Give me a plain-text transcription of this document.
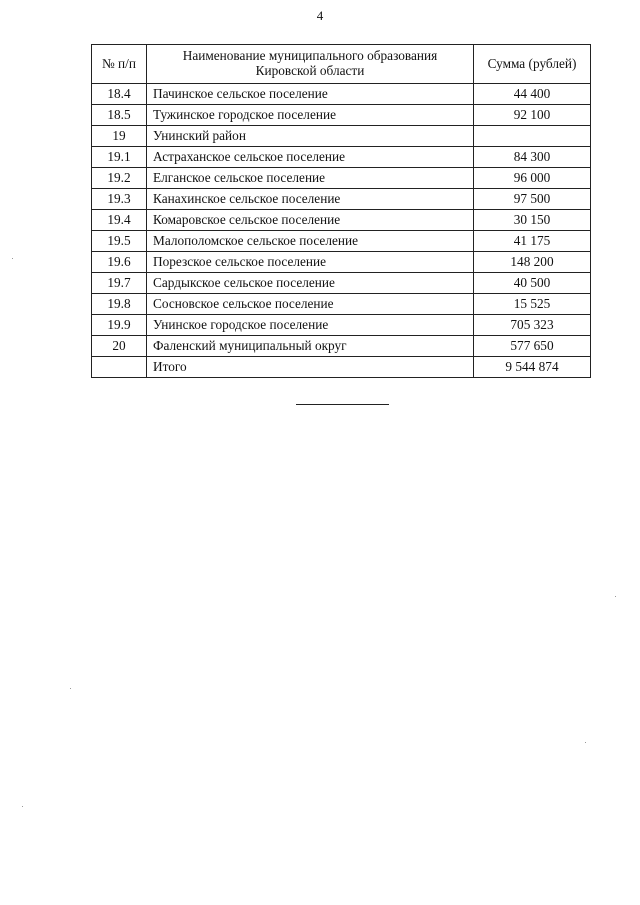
4
№ п/п	Наименование муниципального образования Кировской области	Сумма (рублей)
18.4	Пачинское сельское поселение	44 400
18.5	Тужинское городское поселение	92 100
19	Унинский район	
19.1	Астраханское сельское поселение	84 300
19.2	Елганское сельское поселение	96 000
19.3	Канахинское сельское поселение	97 500
19.4	Комаровское сельское поселение	30 150
19.5	Малополомское сельское поселение	41 175
19.6	Порезское сельское поселение	148 200
19.7	Сардыкское сельское поселение	40 500
19.8	Сосновское сельское поселение	15 525
19.9	Унинское городское поселение	705 323
20	Фаленский муниципальный округ	577 650
	Итого	9 544 874
